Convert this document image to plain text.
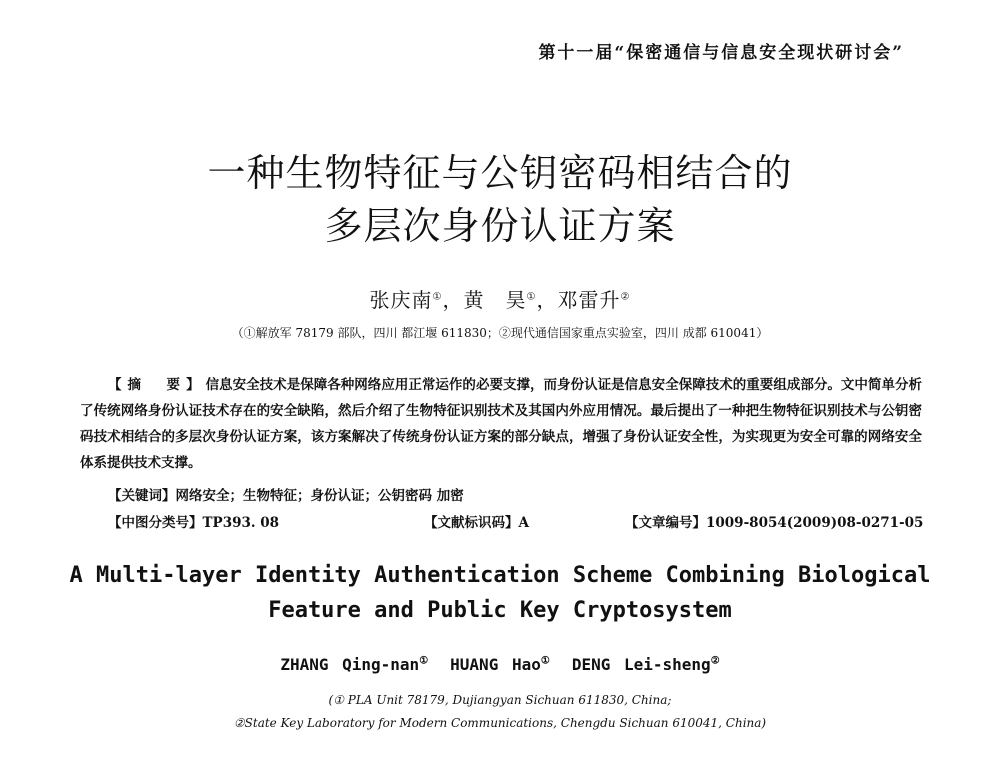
第十一届“保密通信与信息安全现状研讨会”
一种生物特征与公钥密码相结合的
多层次身份认证方案
张庆南①，黄　昊①，邓雷升②
（①解放军 78179 部队，四川 都江堰 611830；②现代通信国家重点实验室，四川 成都 610041）
【摘　要】信息安全技术是保障各种网络应用正常运作的必要支撑，而身份认证是信息安全保障技术的重要组成部分。文中简单分析了传统网络身份认证技术存在的安全缺陷，然后介绍了生物特征识别技术及其国内外应用情况。最后提出了一种把生物特征识别技术与公钥密码技术相结合的多层次身份认证方案，该方案解决了传统身份认证方案的部分缺点，增强了身份认证安全性，为实现更为安全可靠的网络安全体系提供技术支撑。
【关键词】网络安全；生物特征；身份认证；公钥密码 加密
【中图分类号】TP393. 08	【文献标识码】A	【文章编号】1009-8054(2009)08-0271-05
A Multi-layer Identity Authentication Scheme Combining Biological
Feature and Public Key Cryptosystem
ZHANG Qing-nan① HUANG Hao① DENG Lei-sheng②
(① PLA Unit 78179, Dujiangyan Sichuan 611830, China;
②State Key Laboratory for Modern Communications, Chengdu Sichuan 610041, China)
